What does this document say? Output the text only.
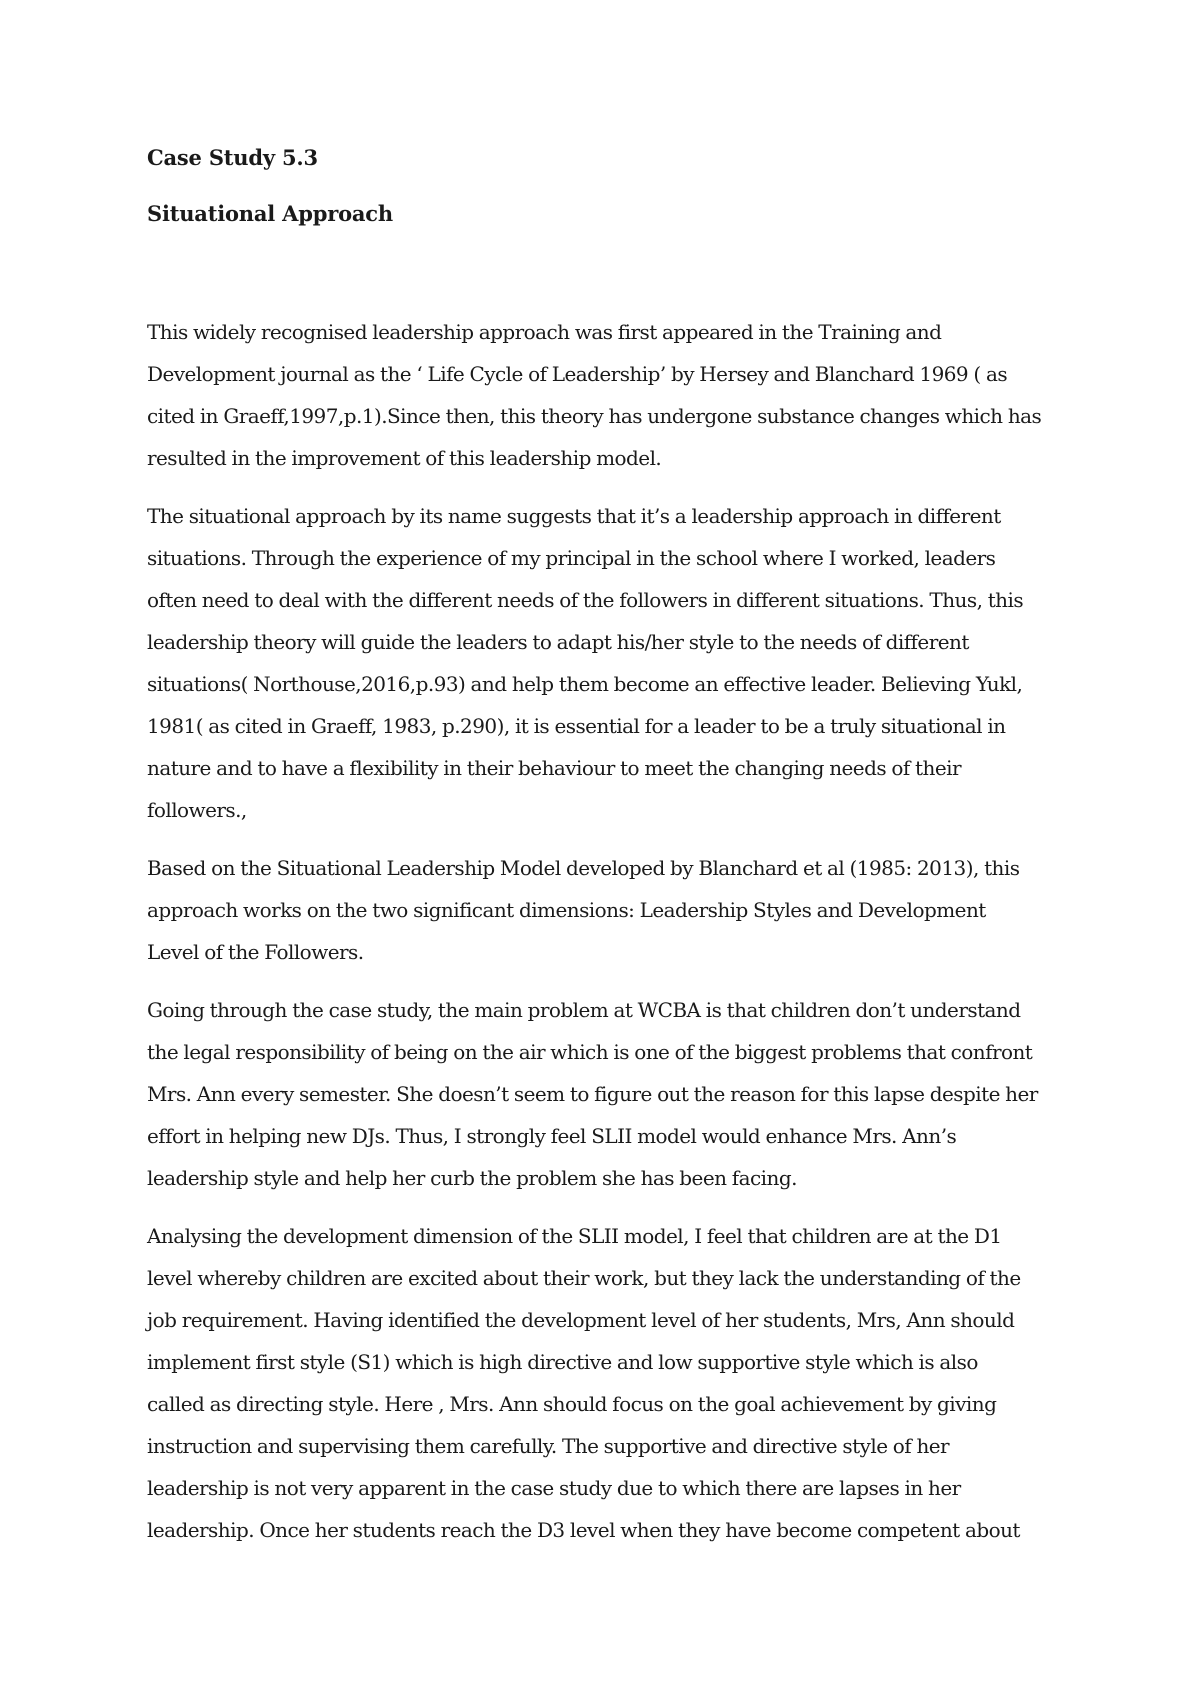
Case Study 5.3
Situational Approach

This widely recognised leadership approach was first appeared in the Training and
Development journal as the ‘ Life Cycle of Leadership’ by Hersey and Blanchard 1969 ( as
cited in Graeff,1997,p.1).Since then, this theory has undergone substance changes which has
resulted in the improvement of this leadership model.

The situational approach by its name suggests that it’s a leadership approach in different
situations. Through the experience of my principal in the school where I worked, leaders
often need to deal with the different needs of the followers in different situations. Thus, this
leadership theory will guide the leaders to adapt his/her style to the needs of different
situations( Northouse,2016,p.93) and help them become an effective leader. Believing Yukl,
1981( as cited in Graeff, 1983, p.290), it is essential for a leader to be a truly situational in
nature and to have a flexibility in their behaviour to meet the changing needs of their
followers.,

Based on the Situational Leadership Model developed by Blanchard et al (1985: 2013), this
approach works on the two significant dimensions: Leadership Styles and Development
Level of the Followers.

Going through the case study, the main problem at WCBA is that children don’t understand
the legal responsibility of being on the air which is one of the biggest problems that confront
Mrs. Ann every semester. She doesn’t seem to figure out the reason for this lapse despite her
effort in helping new DJs. Thus, I strongly feel SLII model would enhance Mrs. Ann’s
leadership style and help her curb the problem she has been facing.

Analysing the development dimension of the SLII model, I feel that children are at the D1
level whereby children are excited about their work, but they lack the understanding of the
job requirement. Having identified the development level of her students, Mrs, Ann should
implement first style (S1) which is high directive and low supportive style which is also
called as directing style. Here , Mrs. Ann should focus on the goal achievement by giving
instruction and supervising them carefully. The supportive and directive style of her
leadership is not very apparent in the case study due to which there are lapses in her
leadership. Once her students reach the D3 level when they have become competent about
